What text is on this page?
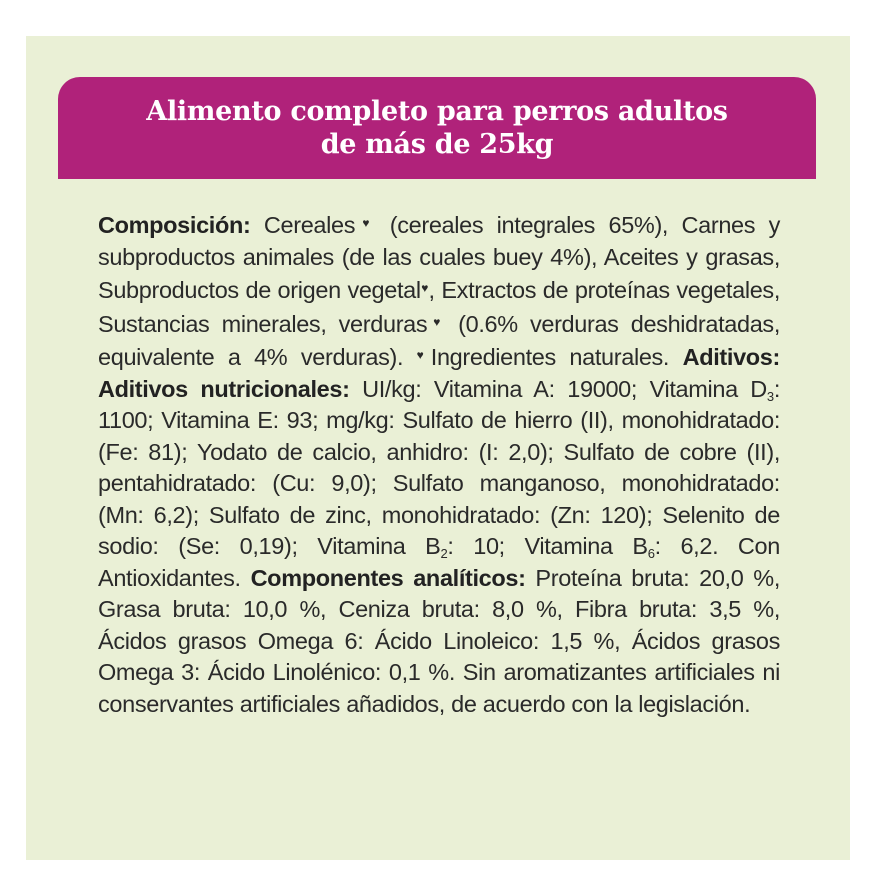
Alimento completo para perros adultos
de más de 25kg
Composición: Cereales♥ (cereales integrales 65%), Carnes y subproductos animales (de las cuales buey 4%), Aceites y grasas, Subproductos de origen vegetal♥, Extractos de proteínas vegetales, Sustancias minerales, verduras♥ (0.6% verduras deshidratadas, equivalente a 4% verduras). ♥Ingredientes naturales. Aditivos: Aditivos nutricionales: UI/kg: Vitamina A: 19000; Vitamina $D_3$: 1100; Vitamina E: 93; mg/kg: Sulfato de hierro (II), monohidratado: (Fe: 81); Yodato de calcio, anhidro: (I: 2,0); Sulfato de cobre (II), pentahidratado: (Cu: 9,0); Sulfato manganoso, monohidratado: (Mn: 6,2); Sulfato de zinc, monohidratado: (Zn: 120); Selenito de sodio: (Se: 0,19); Vitamina $B_2$: 10; Vitamina $B_6$: 6,2. Con Antioxidantes. Componentes analíticos: Proteína bruta: 20,0 %, Grasa bruta: 10,0 %, Ceniza bruta: 8,0 %, Fibra bruta: 3,5 %, Ácidos grasos Omega 6: Ácido Linoleico: 1,5 %, Ácidos grasos Omega 3: Ácido Linolénico: 0,1 %. Sin aromatizantes artificiales ni conservantes artificiales añadidos, de acuerdo con la legislación.
